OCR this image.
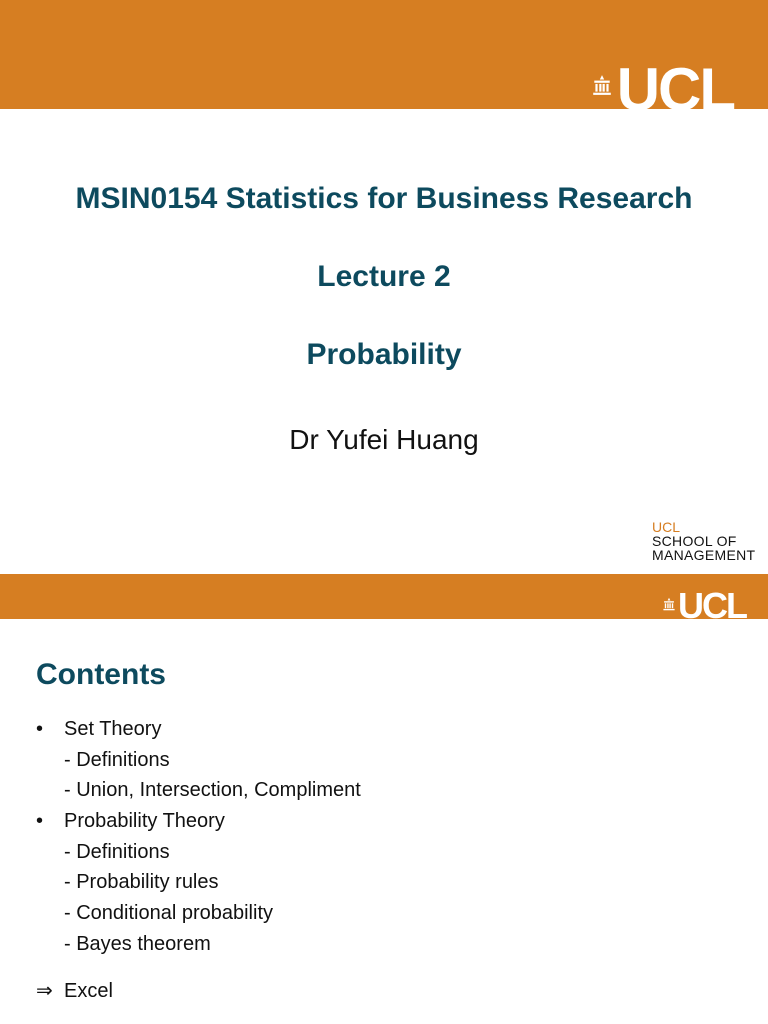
UCL
MSIN0154 Statistics for Business Research
Lecture 2
Probability
Dr Yufei Huang
UCL
SCHOOL OF
MANAGEMENT
UCL
Contents
• Set Theory
- Definitions
- Union, Intersection, Compliment
• Probability Theory
- Definitions
- Probability rules
- Conditional probability
- Bayes theorem
⇒ Excel
